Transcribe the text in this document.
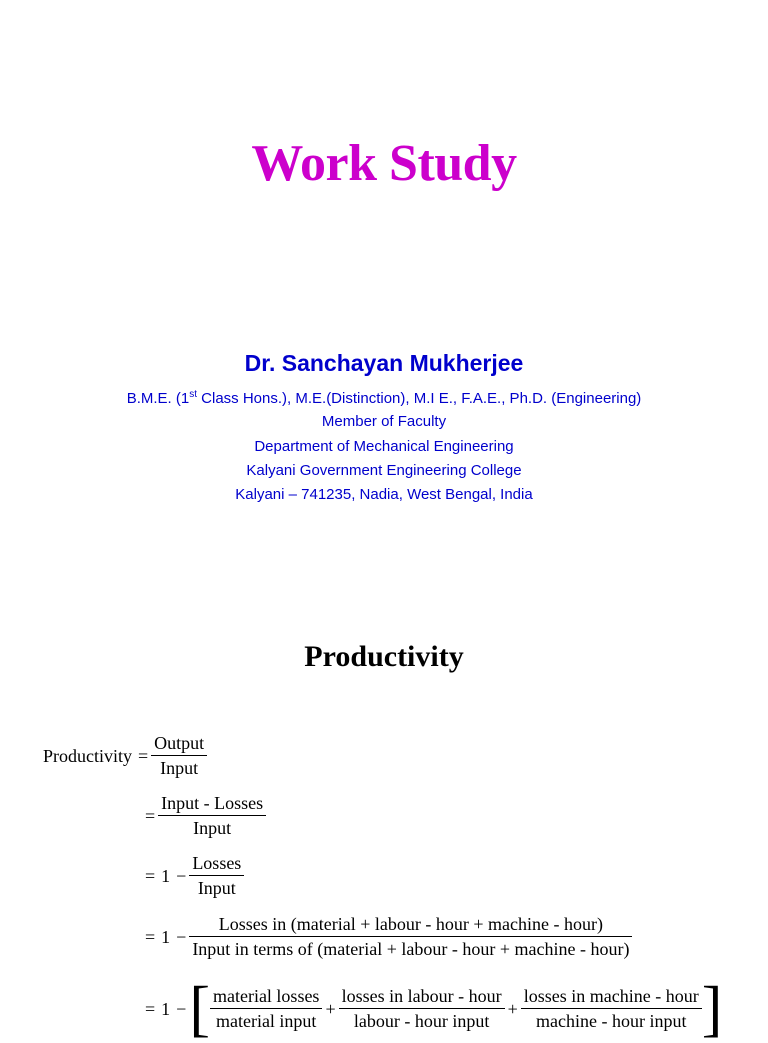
Work Study
Dr. Sanchayan Mukherjee
B.M.E. (1st Class Hons.), M.E.(Distinction), M.I E., F.A.E., Ph.D. (Engineering)
Member of Faculty
Department of Mechanical Engineering
Kalyani Government Engineering College
Kalyani – 741235, Nadia, West Bengal, India
Productivity
Productivity = $\frac{\text{Output}}{\text{Input}}$
= $\frac{\text{Input - Losses}}{\text{Input}}$
= $1 - \frac{\text{Losses}}{\text{Input}}$
= 1 −
Losses in (material + labour - hour + machine - hour)
Input in terms of (material + labour - hour + machine - hour)
= 1 −[ $\frac{\text{material losses}}{\text{material input}} + \frac{\text{losses in labour - hour}}{\text{labour - hour input}} + \frac{\text{losses in machine - hour}}{\text{machine - hour input}}$ ]
